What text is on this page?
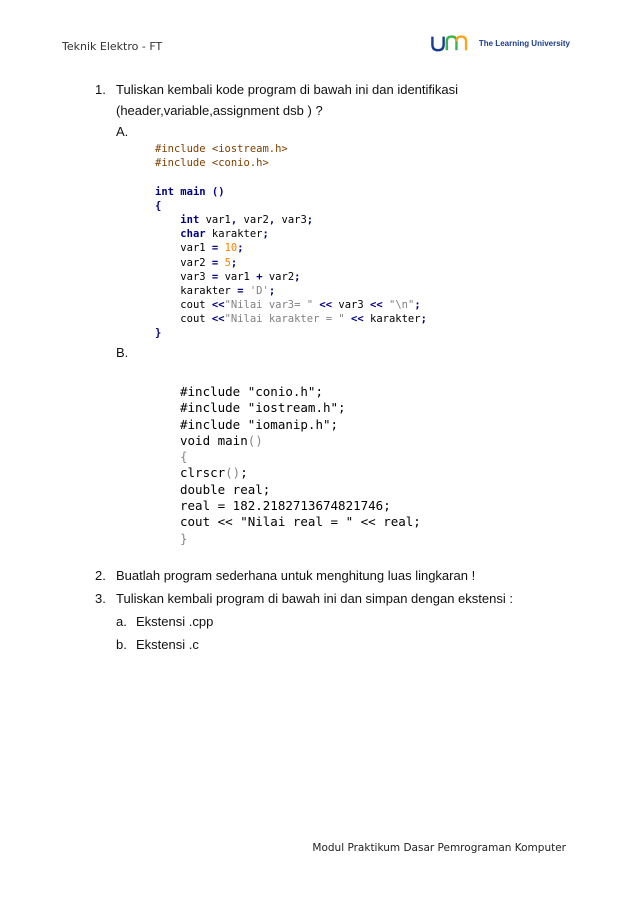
Teknik Elektro - FT	The Learning University
1. Tuliskan kembali kode program di bawah ini dan identifikasi
(header,variable,assignment dsb ) ?
A.
#include <iostream.h>
#include <conio.h>

int main ()
{
int var1, var2, var3;
char karakter;
var1 = 10;
var2 = 5;
var3 = var1 + var2;
karakter = 'D';
cout <<"Nilai var3= " << var3 << "\n";
cout <<"Nilai karakter = " << karakter;
}
B.
#include "conio.h";
#include "iostream.h";
#include "iomanip.h";
void main()
{
clrscr();
double real;
real = 182.2182713674821746;
cout << "Nilai real = " << real;
}
2. Buatlah program sederhana untuk menghitung luas lingkaran !
3. Tuliskan kembali program di bawah ini dan simpan dengan ekstensi :
a. Ekstensi .cpp
b. Ekstensi .c
Modul Praktikum Dasar Pemrograman Komputer
